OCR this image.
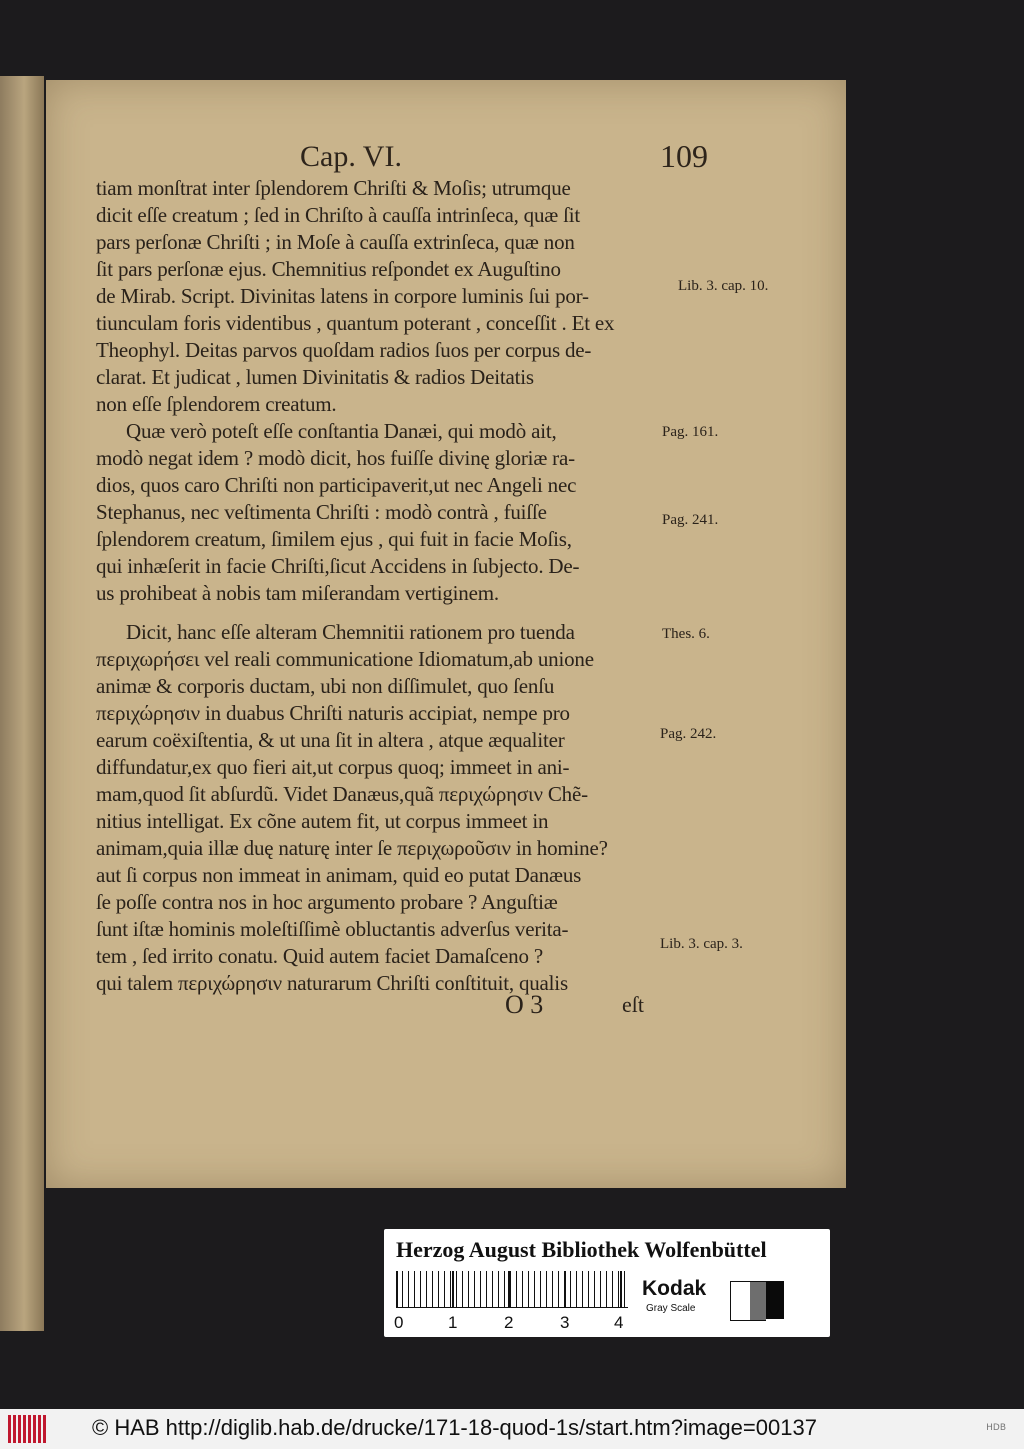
Cap. VI.	109
tiam monſtrat inter ſplendorem Chriſti & Moſis; utrumque
dicit eſſe creatum ; ſed in Chriſto à cauſſa intrinſeca, quæ ſit
pars perſonæ Chriſti ; in Moſe à cauſſa extrinſeca, quæ non
ſit pars perſonæ ejus. Chemnitius reſpondet ex Auguſtino
de Mirab. Script. Divinitas latens in corpore luminis ſui por-
tiunculam foris videntibus , quantum poterant , conceſſit . Et ex
Theophyl. Deitas parvos quoſdam radios ſuos per corpus de-
clarat. Et judicat , lumen Divinitatis & radios Deitatis
non eſſe ſplendorem creatum.
Quæ verò poteſt eſſe conſtantia Danæi, qui modò ait,
modò negat idem ? modò dicit, hos fuiſſe divinę gloriæ ra-
dios, quos caro Chriſti non participaverit,ut nec Angeli nec
Stephanus, nec veſtimenta Chriſti : modò contrà , fuiſſe
ſplendorem creatum, ſimilem ejus , qui fuit in facie Moſis,
qui inhæſerit in facie Chriſti,ſicut Accidens in ſubjecto. De-
us prohibeat à nobis tam miſerandam vertiginem.
Dicit, hanc eſſe alteram Chemnitii rationem pro tuenda
περιχωρήσει vel reali communicatione Idiomatum,ab unione
animæ & corporis ductam, ubi non diſſimulet, quo ſenſu
περιχώρησιν in duabus Chriſti naturis accipiat, nempe pro
earum coëxiſtentia, & ut una ſit in altera , atque æqualiter
diffundatur,ex quo fieri ait,ut corpus quoq; immeet in ani-
mam,quod ſit abſurdũ. Videt Danæus,quã περιχώρησιν Chẽ-
nitius intelligat. Ex cõne autem fit, ut corpus immeet in
animam,quia illæ duę naturę inter ſe περιχωροῦσιν in homine?
aut ſi corpus non immeat in animam, quid eo putat Danæus
ſe poſſe contra nos in hoc argumento probare ? Anguſtiæ
ſunt iſtæ hominis moleſtiſſimè obluctantis adverſus verita-
tem , ſed irrito conatu. Quid autem faciet Damaſceno ?
qui talem περιχώρησιν naturarum Chriſti conſtituit, qualis
Lib. 3. cap. 10.
Pag. 161.
Pag. 241.
Thes. 6.
Pag. 242.
Lib. 3. cap. 3.
O 3	eſt
Herzog August Bibliothek Wolfenbüttel
0	1	2	3	4
Kodak
Gray Scale
© HAB http://diglib.hab.de/drucke/171-18-quod-1s/start.htm?image=00137	HDB
